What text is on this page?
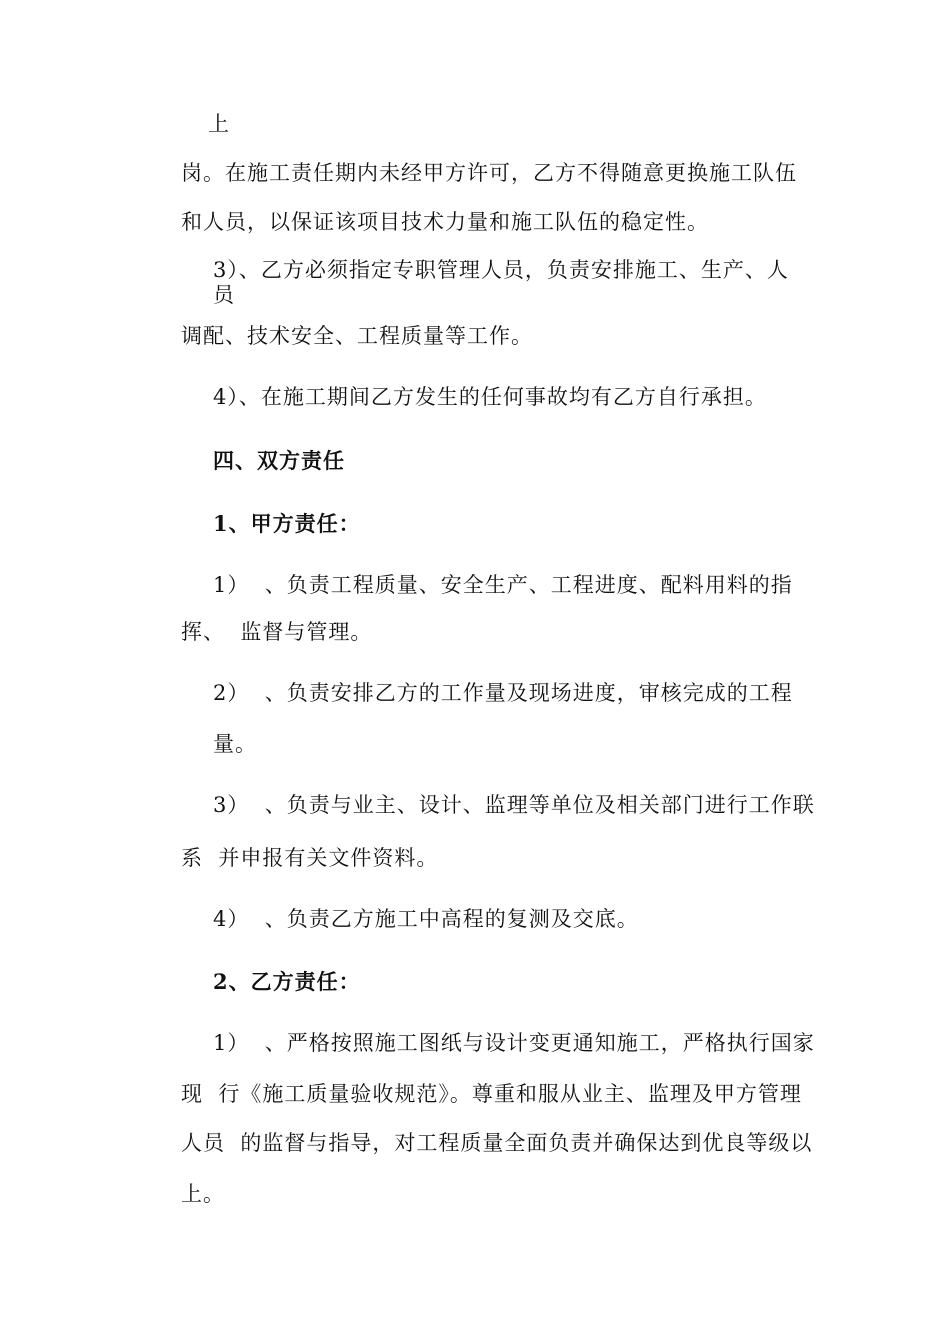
上
岗。在施工责任期内未经甲方许可，乙方不得随意更换施工队伍
和人员，以保证该项目技术力量和施工队伍的稳定性。
3）、乙方必须指定专职管理人员，负责安排施工、生产、人
员
调配、技术安全、工程质量等工作。
4）、在施工期间乙方发生的任何事故均有乙方自行承担。
四、双方责任
1、甲方责任：
1）  、负责工程质量、安全生产、工程进度、配料用料的指
挥、  监督与管理。
2）  、负责安排乙方的工作量及现场进度，审核完成的工程
量。
3）  、负责与业主、设计、监理等单位及相关部门进行工作联
系  并申报有关文件资料。
4）  、负责乙方施工中高程的复测及交底。
2、乙方责任：
1）  、严格按照施工图纸与设计变更通知施工，严格执行国家
现  行《施工质量验收规范》。尊重和服从业主、监理及甲方管理
人员  的监督与指导，对工程质量全面负责并确保达到优良等级以
上。
